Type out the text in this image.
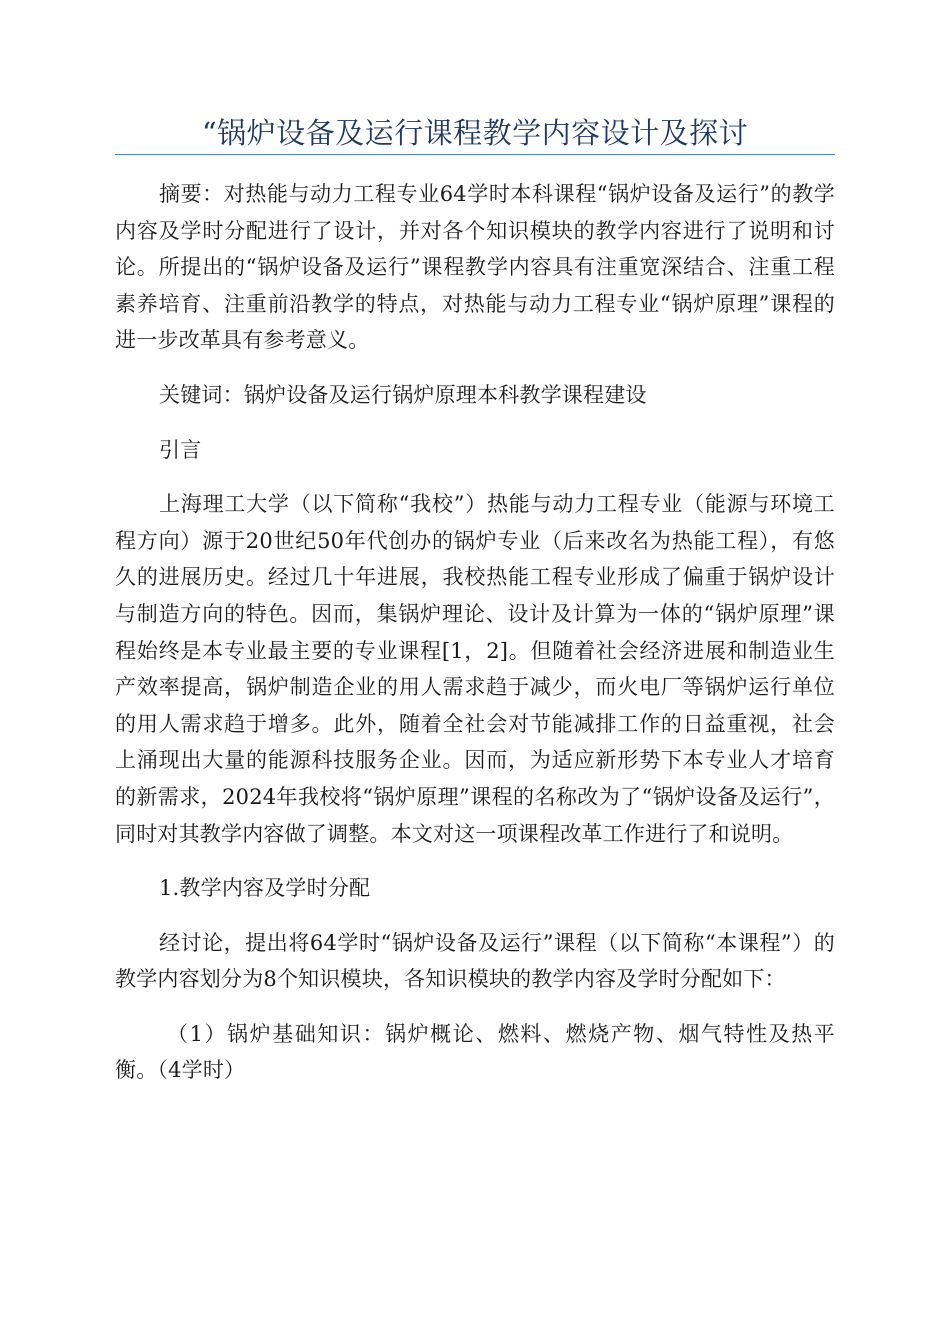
“锅炉设备及运行课程教学内容设计及探讨

摘要：对热能与动力工程专业64学时本科课程“锅炉设备及运行”的教学内容及学时分配进行了设计，并对各个知识模块的教学内容进行了说明和讨论。所提出的“锅炉设备及运行”课程教学内容具有注重宽深结合、注重工程素养培育、注重前沿教学的特点，对热能与动力工程专业“锅炉原理”课程的进一步改革具有参考意义。

关键词：锅炉设备及运行锅炉原理本科教学课程建设

引言

上海理工大学（以下简称“我校”）热能与动力工程专业（能源与环境工程方向）源于20世纪50年代创办的锅炉专业（后来改名为热能工程），有悠久的进展历史。经过几十年进展，我校热能工程专业形成了偏重于锅炉设计与制造方向的特色。因而，集锅炉理论、设计及计算为一体的“锅炉原理”课程始终是本专业最主要的专业课程[1，2]。但随着社会经济进展和制造业生产效率提高，锅炉制造企业的用人需求趋于减少，而火电厂等锅炉运行单位的用人需求趋于增多。此外，随着全社会对节能减排工作的日益重视，社会上涌现出大量的能源科技服务企业。因而，为适应新形势下本专业人才培育的新需求，2024年我校将“锅炉原理”课程的名称改为了“锅炉设备及运行”，同时对其教学内容做了调整。本文对这一项课程改革工作进行了和说明。

1.教学内容及学时分配

经讨论，提出将64学时“锅炉设备及运行”课程（以下简称“本课程”）的教学内容划分为8个知识模块，各知识模块的教学内容及学时分配如下：

（1）锅炉基础知识：锅炉概论、燃料、燃烧产物、烟气特性及热平衡。（4学时）
